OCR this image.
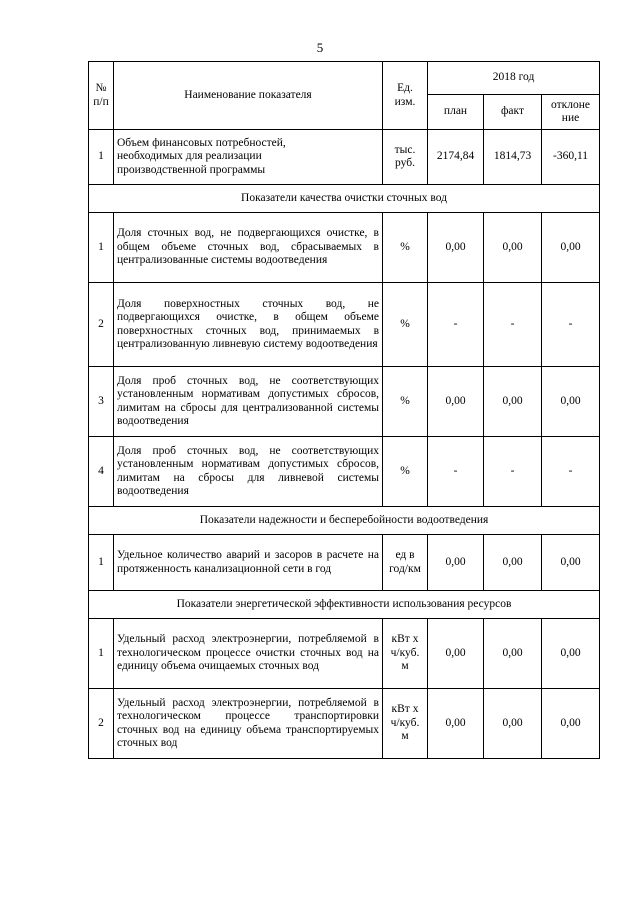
5
№
п/п	Наименование показателя	Ед.
изм.	2018 год		
			план	факт	отклоне
ние
1	Объем финансовых потребностей,
необходимых для реализации
производственной программы	тыс.
руб.	2174,84	1814,73	-360,11
Показатели качества очистки сточных вод					
1	Доля сточных вод, не подвергающихся очистке, в общем объеме сточных вод, сбрасываемых в централизованные системы водоотведения	%	0,00	0,00	0,00
2	Доля поверхностных сточных вод, не подвергающихся очистке, в общем объеме поверхностных сточных вод, принимаемых в централизованную ливневую систему водоотведения	%	-	-	-
3	Доля проб сточных вод, не соответствующих установленным нормативам допустимых сбросов, лимитам на сбросы для централизованной системы водоотведения	%	0,00	0,00	0,00
4	Доля проб сточных вод, не соответствующих установленным нормативам допустимых сбросов, лимитам на сбросы для ливневой системы водоотведения	%	-	-	-
Показатели надежности и бесперебойности водоотведения					
1	Удельное количество аварий и засоров в расчете на протяженность канализационной сети в год	ед в
год/км	0,00	0,00	0,00
Показатели энергетической эффективности использования ресурсов					
1	Удельный расход электроэнергии, потребляемой в технологическом процессе очистки сточных вод на единицу объема очищаемых сточных вод	кВт х
ч/куб.
м	0,00	0,00	0,00
2	Удельный расход электроэнергии, потребляемой в технологическом процессе транспортировки сточных вод на единицу объема транспортируемых сточных вод	кВт х
ч/куб.
м	0,00	0,00	0,00
